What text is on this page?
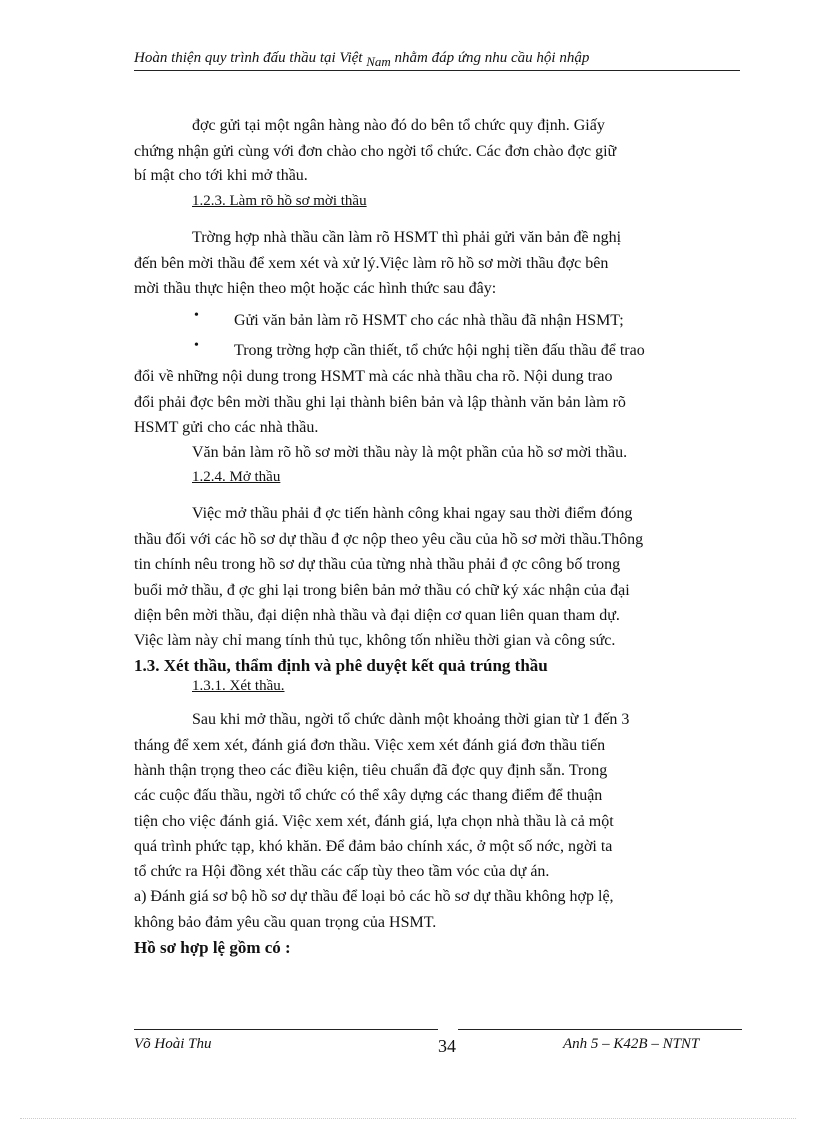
Hoàn thiện quy trình đấu thầu tại Việt Nam nhằm đáp ứng nhu cầu hội nhập
đợc gửi tại một ngân hàng nào đó do bên tổ chức quy định. Giấy
chứng nhận gửi cùng với đơn chào cho ngời tổ chức. Các đơn chào đợc giữ
bí mật cho tới khi mở thầu.
1.2.3. Làm rõ hồ sơ mời thầu
Trờng hợp nhà thầu cần làm rõ HSMT thì phải gửi văn bản đề nghị
đến bên mời thầu để xem xét và xử lý.Việc làm rõ hồ sơ mời thầu đợc bên
mời thầu thực hiện theo một hoặc các hình thức sau đây:
• Gửi văn bản làm rõ HSMT cho các nhà thầu đã nhận HSMT;
• Trong trờng hợp cần thiết, tổ chức hội nghị tiền đấu thầu để trao
đổi về những nội dung trong HSMT mà các nhà thầu cha rõ. Nội dung trao
đổi phải đợc bên mời thầu ghi lại thành biên bản và lập thành văn bản làm rõ
HSMT gửi cho các nhà thầu.
Văn bản làm rõ hồ sơ mời thầu này là một phần của hồ sơ mời thầu.
1.2.4. Mở thầu
Việc mở thầu phải đ ợc tiến hành công khai ngay sau thời điểm đóng
thầu đối với các hồ sơ dự thầu đ ợc nộp theo yêu cầu của hồ sơ mời thầu.Thông
tin chính nêu trong hồ sơ dự thầu của từng nhà thầu phải đ ợc công bố trong
buổi mở thầu, đ ợc ghi lại trong biên bản mở thầu có chữ ký xác nhận của đại
diện bên mời thầu, đại diện nhà thầu và đại diện cơ quan liên quan tham dự.
Việc làm này chỉ mang tính thủ tục, không tốn nhiều thời gian và công sức.
1.3. Xét thầu, thẩm định và phê duyệt kết quả trúng thầu
1.3.1. Xét thầu.
Sau khi mở thầu, ngời tổ chức dành một khoảng thời gian từ 1 đến 3
tháng để xem xét, đánh giá đơn thầu. Việc xem xét đánh giá đơn thầu tiến
hành thận trọng theo các điều kiện, tiêu chuẩn đã đợc quy định sẵn. Trong
các cuộc đấu thầu, ngời tổ chức có thể xây dựng các thang điểm để thuận
tiện cho việc đánh giá. Việc xem xét, đánh giá, lựa chọn nhà thầu là cả một
quá trình phức tạp, khó khăn. Để đảm bảo chính xác, ở một số nớc, ngời ta
tổ chức ra Hội đồng xét thầu các cấp tùy theo tầm vóc của dự án.
a) Đánh giá sơ bộ hồ sơ dự thầu để loại bỏ các hồ sơ dự thầu không hợp lệ,
không bảo đảm yêu cầu quan trọng của HSMT.
Hồ sơ hợp lệ gồm có :
Võ Hoài Thu	34	Anh 5 – K42B – NTNT
